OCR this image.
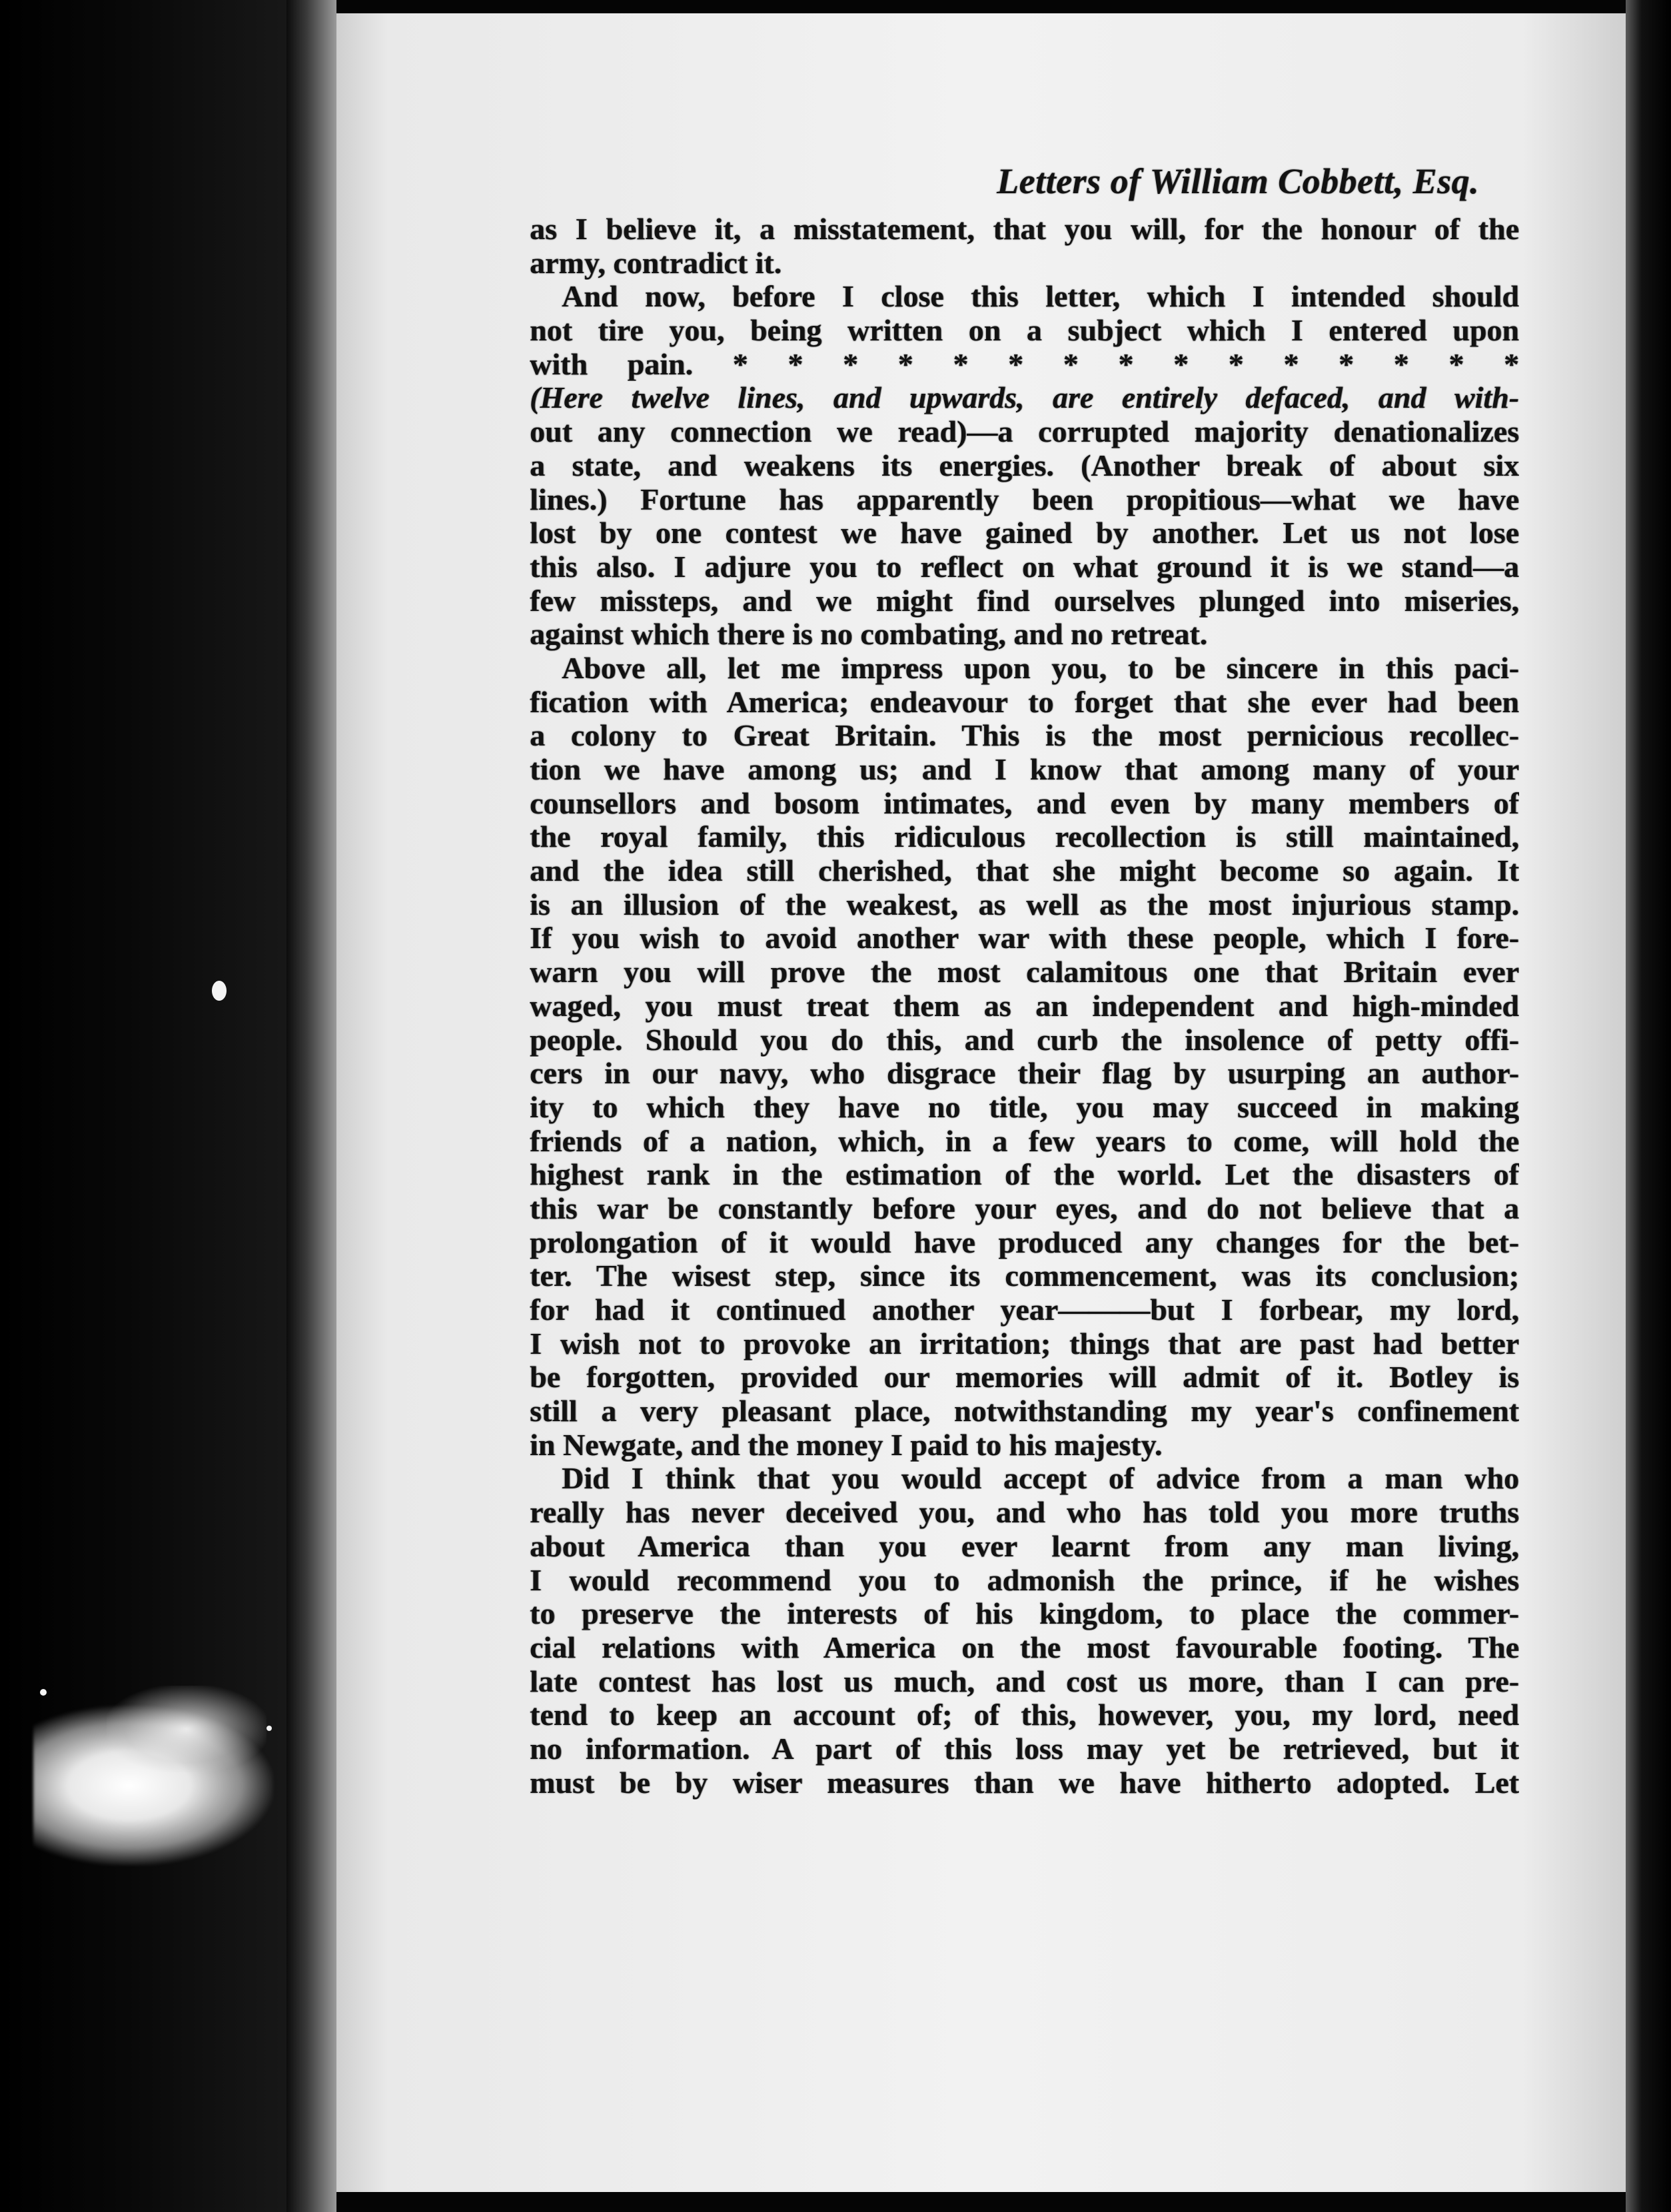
Letters of William Cobbett, Esq.
as I believe it, a misstatement, that you will, for the honour of the
army, contradict it.
And now, before I close this letter, which I intended should
not tire you, being written on a subject which I entered upon
with pain. * * * * * * * * * * * * * * *
(Here twelve lines, and upwards, are entirely defaced, and with-
out any connection we read)—a corrupted majority denationalizes
a state, and weakens its energies. (Another break of about six
lines.) Fortune has apparently been propitious—what we have
lost by one contest we have gained by another. Let us not lose
this also. I adjure you to reflect on what ground it is we stand—a
few missteps, and we might find ourselves plunged into miseries,
against which there is no combating, and no retreat.
Above all, let me impress upon you, to be sincere in this paci-
fication with America; endeavour to forget that she ever had been
a colony to Great Britain. This is the most pernicious recollec-
tion we have among us; and I know that among many of your
counsellors and bosom intimates, and even by many members of
the royal family, this ridiculous recollection is still maintained,
and the idea still cherished, that she might become so again. It
is an illusion of the weakest, as well as the most injurious stamp.
If you wish to avoid another war with these people, which I fore-
warn you will prove the most calamitous one that Britain ever
waged, you must treat them as an independent and high-minded
people. Should you do this, and curb the insolence of petty offi-
cers in our navy, who disgrace their flag by usurping an author-
ity to which they have no title, you may succeed in making
friends of a nation, which, in a few years to come, will hold the
highest rank in the estimation of the world. Let the disasters of
this war be constantly before your eyes, and do not believe that a
prolongation of it would have produced any changes for the bet-
ter. The wisest step, since its commencement, was its conclusion;
for had it continued another year———but I forbear, my lord,
I wish not to provoke an irritation; things that are past had better
be forgotten, provided our memories will admit of it. Botley is
still a very pleasant place, notwithstanding my year's confinement
in Newgate, and the money I paid to his majesty.
Did I think that you would accept of advice from a man who
really has never deceived you, and who has told you more truths
about America than you ever learnt from any man living,
I would recommend you to admonish the prince, if he wishes
to preserve the interests of his kingdom, to place the commer-
cial relations with America on the most favourable footing. The
late contest has lost us much, and cost us more, than I can pre-
tend to keep an account of; of this, however, you, my lord, need
no information. A part of this loss may yet be retrieved, but it
must be by wiser measures than we have hitherto adopted. Let
